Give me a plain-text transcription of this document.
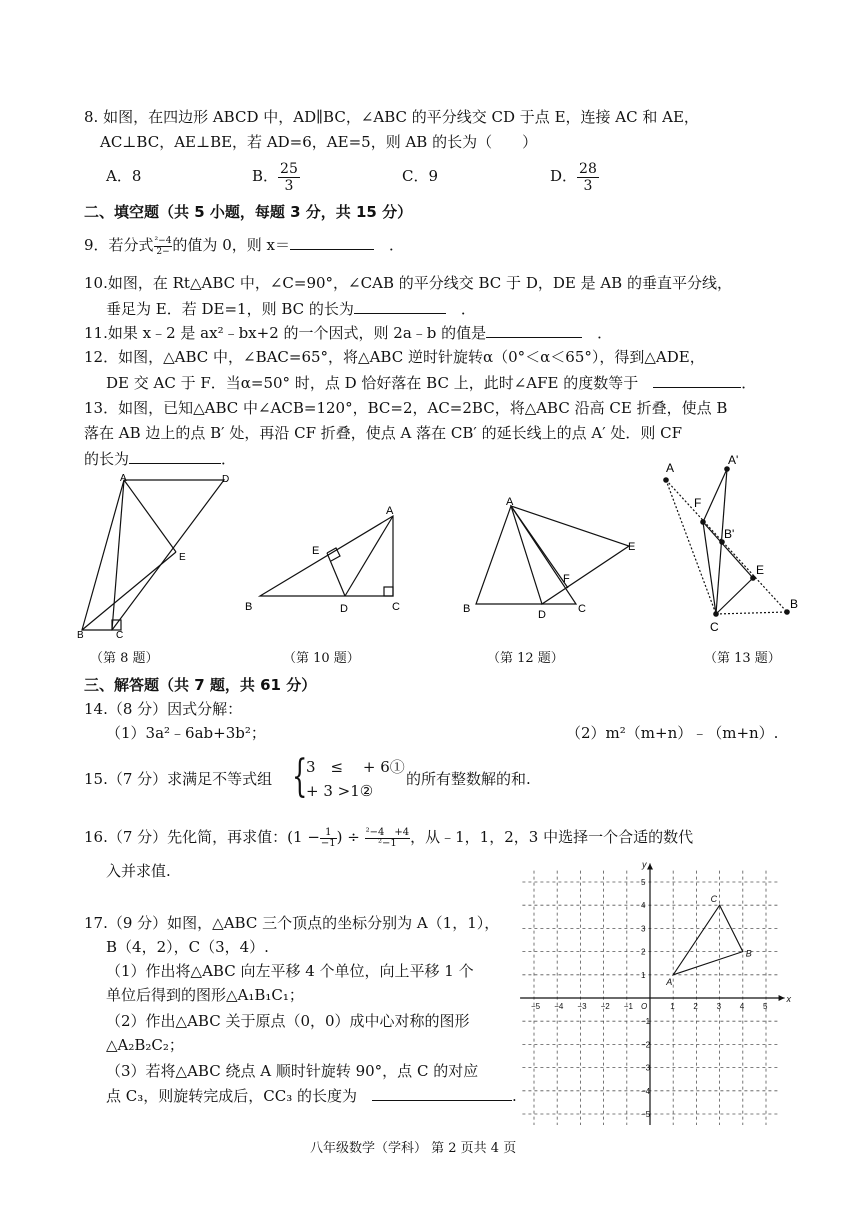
8. 如图，在四边形 ABCD 中，AD∥BC，∠ABC 的平分线交 CD 于点 E，连接 AC 和 AE，
AC⊥BC，AE⊥BE，若 AD=6，AE=5，则 AB 的长为（　　）
A．8	B． $\frac{25}{3}$	C．9	D． $\frac{28}{3}$
二、填空题（共 5 小题，每题 3 分，共 15 分）
9．若分式 $\frac{\text{²−4}}{2-}$ 的值为 0，则 x＝　	．
10.如图，在 Rt△ABC 中，∠C=90°，∠CAB 的平分线交 BC 于 D，DE 是 AB 的垂直平分线，
垂足为 E．若 DE=1，则 BC 的长为　	．
11.如果 x﹣2 是 ax²﹣bx+2 的一个因式，则 2a﹣b 的值是　	．
12．如图，△ABC 中，∠BAC=65°，将△ABC 逆时针旋转α（0°＜α＜65°），得到△ADE，
DE 交 AC 于 F．当α=50° 时，点 D 恰好落在 BC 上，此时∠AFE 的度数等于　	．
13．如图，已知△ABC 中∠ACB=120°，BC=2，AC=2BC，将△ABC 沿高 CE 折叠，使点 B
落在 AB 边上的点 B′ 处，再沿 CF 折叠，使点 A 落在 CB′ 的延长线上的点 A′ 处．则 CF
的长为	．
A	D
E
B	C
（第 8 题）
A
E
B	D	C
（第 10 题）
A
E
F
B	D	C
（第 12 题）
A
A'
F
B'
E
C
B
（第 13 题）
三、解答题（共 7 题，共 61 分）
14.（8 分）因式分解：
（1）3a²﹣6ab+3b²；	（2）m²（m+n）﹣（m+n）.
15.（7 分）求满足不等式组 {
3　≤　 + 6①
+ 3 >1②
的所有整数解的和.
16.（7 分）先化简，再求值：($1 - \frac{1}{-1}$ ) ÷ $\frac{\text{²−4　+4}}{\text{²−1}}$ ，从﹣1，1，2，3 中选择一个合适的数代
入并求值.
17.（9 分）如图，△ABC 三个顶点的坐标分别为 A（1，1），
B（4，2），C（3，4）.
（1）作出将△ABC 向左平移 4 个单位，向上平移 1 个
单位后得到的图形△A₁B₁C₁；
（2）作出△ABC 关于原点（0，0）成中心对称的图形
△A₂B₂C₂；
（3）若将△ABC 绕点 A 顺时针旋转 90°，点 C 的对应
点 C₃，则旋转完成后，CC₃ 的长度为　	.
−5 −4 −3 −2 −1	1 2 3 4 5
5
4
3
2
1
−1
−2
−3
−4
−5
O
x
y
A
B
C
八年级数学（学科） 第 2 页共 4 页
